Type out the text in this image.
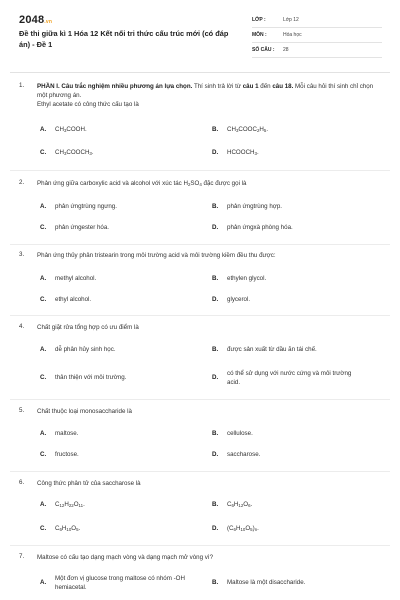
2048.vn
Đề thi giữa kì 1 Hóa 12 Kết nối tri thức cấu trúc mới (có đáp án) - Đề 1
LỚP :	Lớp 12
MÔN :	Hóa học
SỐ CÂU :	28
1. PHẦN I. Câu trắc nghiệm nhiều phương án lựa chọn. Thí sinh trả lời từ câu 1 đến câu 18. Mỗi câu hỏi thí sinh chỉ chọn một phương án.
Ethyl acetate có công thức cấu tạo là
A. $CH_3COOH$.	B. $CH_3COOC_2H_5$.
C. $CH_3COOCH_3$.	D. $HCOOCH_3$.
2. Phản ứng giữa carboxylic acid và alcohol với xúc tác $H_2SO_4$ đặc được gọi là
A. phản ứngtrùng ngưng.	B. phản ứngtrùng hợp.
C. phản ứngester hóa.	D. phản ứngxà phòng hóa.
3. Phản ứng thủy phân tristearin trong môi trường acid và môi trường kiềm đều thu được:
A. methyl alcohol.	B. ethylen glycol.
C. ethyl alcohol.	D. glycerol.
4. Chất giặt rửa tổng hợp có ưu điểm là
A. dễ phân hủy sinh học.	B. được sản xuất từ dầu ăn tái chế.
C. thân thiện với môi trường.	D.
có thể sử dụng với nước cứng và môi trường acid.
5. Chất thuộc loại monosaccharide là
A. maltose.	B. cellulose.
C. fructose.	D. saccharose.
6. Công thức phân tử của saccharose là
A. $C_{12}H_{22}O_{11}$.	B. $C_6H_{12}O_6$.
C. $C_6H_{10}O_5$.	D. $(C_6H_{10}O_5)_n$.
7. Maltose có cấu tạo dạng mạch vòng và dạng mạch mở vòng vì?
A.
Một đơn vị glucose trong maltose có nhóm -OH hemiacetal.
B. Maltose là một disaccharide.
